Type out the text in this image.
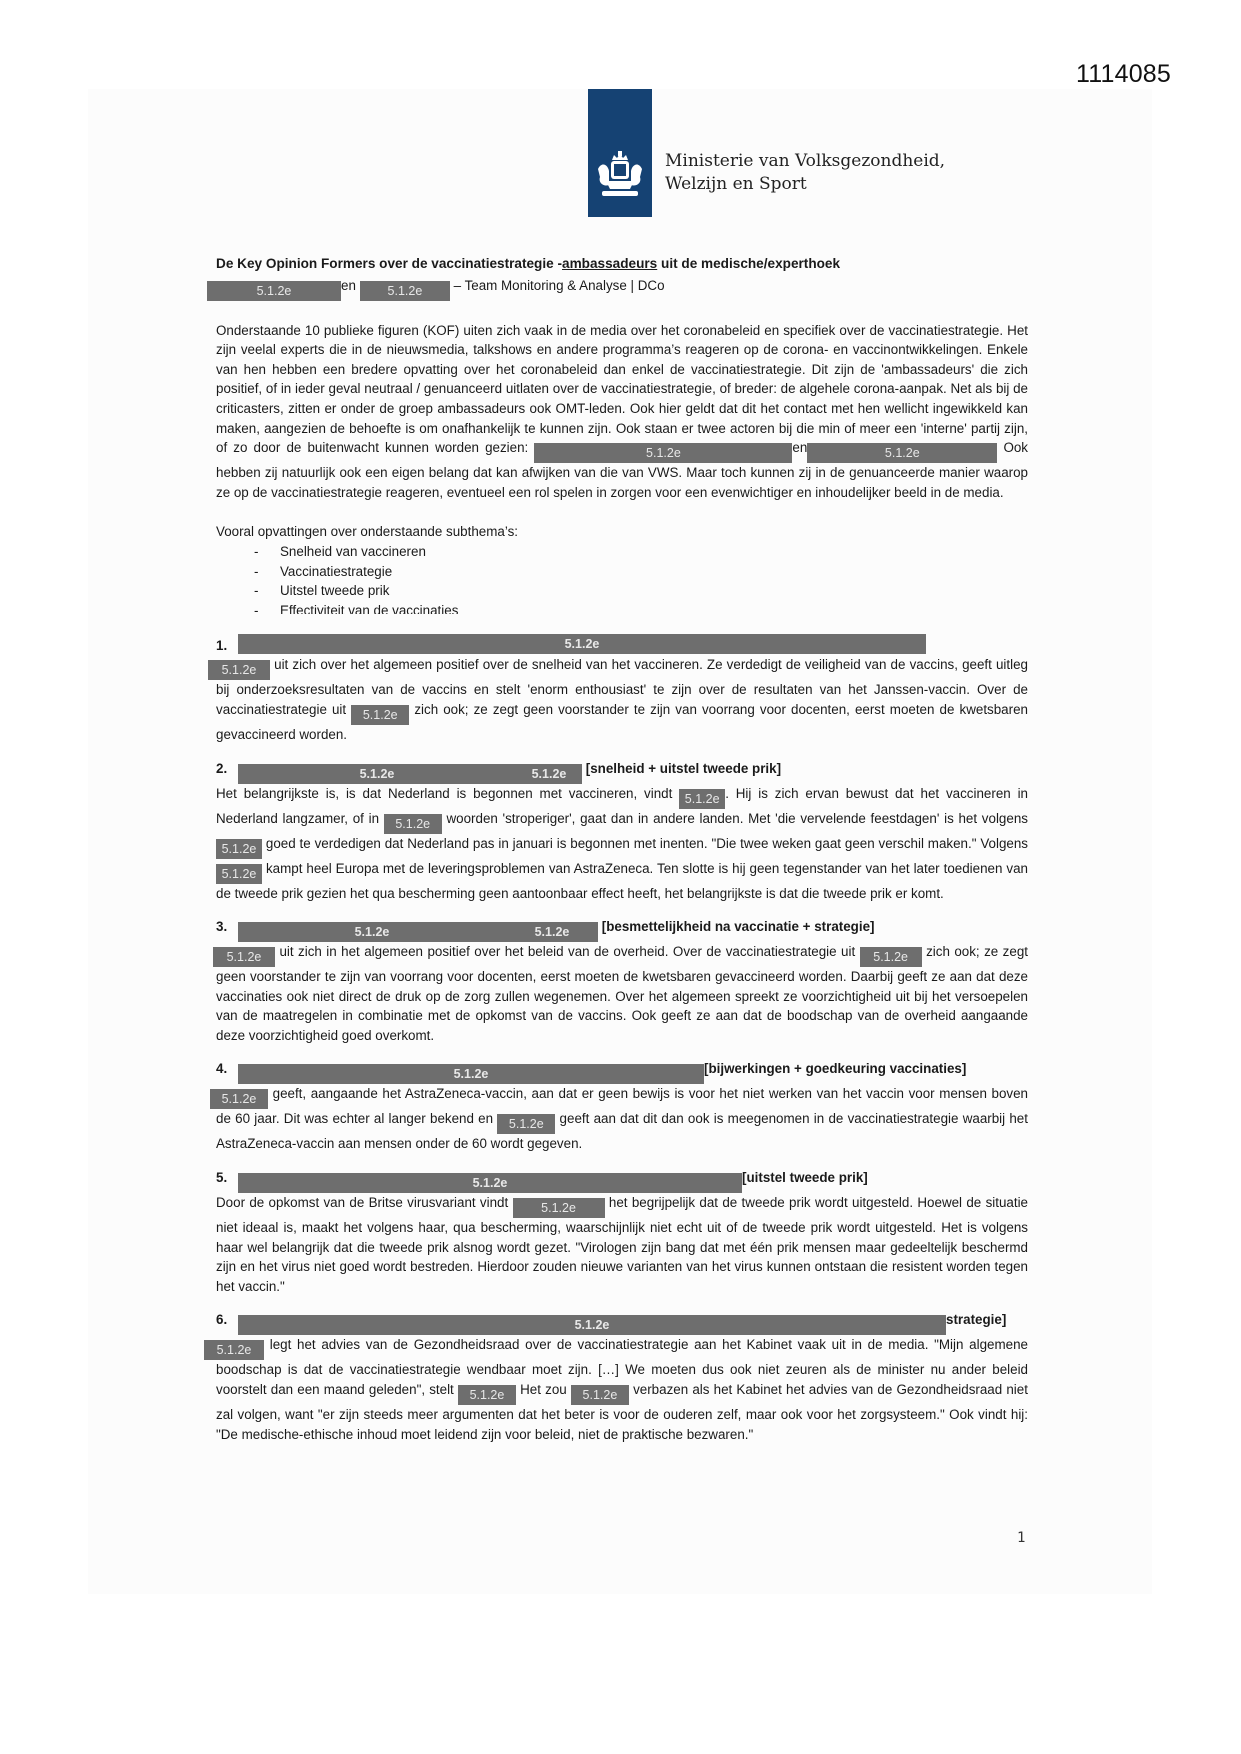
1114085
Ministerie van Volksgezondheid,
Welzijn en Sport
De Key Opinion Formers over de vaccinatiestrategie -ambassadeurs uit de medische/experthoek
5.1.2e	en	5.1.2e – Team Monitoring & Analyse | DCo

Onderstaande 10 publieke figuren (KOF) uiten zich vaak in de media over het coronabeleid en specifiek over de vaccinatiestrategie. Het zijn veelal experts die in de nieuwsmedia, talkshows en andere programma’s reageren op de corona- en vaccinontwikkelingen. Enkele van hen hebben een bredere opvatting over het coronabeleid dan enkel de vaccinatiestrategie. Dit zijn de 'ambassadeurs' die zich positief, of in ieder geval neutraal / genuanceerd uitlaten over de vaccinatiestrategie, of breder: de algehele corona-aanpak. Net als bij de criticasters, zitten er onder de groep ambassadeurs ook OMT-leden. Ook hier geldt dat dit het contact met hen wellicht ingewikkeld kan maken, aangezien de behoefte is om onafhankelijk te kunnen zijn. Ook staan er twee actoren bij die min of meer een 'interne' partij zijn, of zo door de buitenwacht kunnen worden gezien:	5.1.2e	en	5.1.2e	Ook hebben zij natuurlijk ook een eigen belang dat kan afwijken van die van VWS. Maar toch kunnen zij in de genuanceerde manier waarop ze op de vaccinatiestrategie reageren, eventueel een rol spelen in zorgen voor een evenwichtiger en inhoudelijker beeld in de media.

Vooral opvattingen over onderstaande subthema’s:
- Snelheid van vaccineren
- Vaccinatiestrategie
- Uitstel tweede prik
- Effectiviteit van de vaccinaties
1.	5.1.2e

5.1.2e uit zich over het algemeen positief over de snelheid van het vaccineren. Ze verdedigt de veiligheid van de vaccins, geeft uitleg bij onderzoeksresultaten van de vaccins en stelt 'enorm enthousiast' te zijn over de resultaten van het Janssen-vaccin. Over de vaccinatiestrategie uit 5.1.2e zich ook; ze zegt geen voorstander te zijn van voorrang voor docenten, eerst moeten de kwetsbaren gevaccineerd worden.

2.	5.1.2e	5.1.2e [snelheid + uitstel tweede prik]

Het belangrijkste is, is dat Nederland is begonnen met vaccineren, vindt 5.1.2e . Hij is zich ervan bewust dat het vaccineren in Nederland langzamer, of in 5.1.2e woorden 'stroperiger', gaat dan in andere landen. Met 'die vervelende feestdagen' is het volgens 5.1.2e goed te verdedigen dat Nederland pas in januari is begonnen met inenten. "Die twee weken gaat geen verschil maken." Volgens 5.1.2e kampt heel Europa met de leveringsproblemen van AstraZeneca. Ten slotte is hij geen tegenstander van het later toedienen van de tweede prik gezien het qua bescherming geen aantoonbaar effect heeft, het belangrijkste is dat die tweede prik er komt.

3.	5.1.2e	5.1.2e [besmettelijkheid na vaccinatie + strategie]

5.1.2e uit zich in het algemeen positief over het beleid van de overheid. Over de vaccinatiestrategie uit 5.1.2e zich ook; ze zegt geen voorstander te zijn van voorrang voor docenten, eerst moeten de kwetsbaren gevaccineerd worden. Daarbij geeft ze aan dat deze vaccinaties ook niet direct de druk op de zorg zullen wegenemen. Over het algemeen spreekt ze voorzichtigheid uit bij het versoepelen van de maatregelen in combinatie met de opkomst van de vaccins. Ook geeft ze aan dat de boodschap van de overheid aangaande deze voorzichtigheid goed overkomt.

4.	5.1.2e	[bijwerkingen + goedkeuring vaccinaties]

5.1.2e geeft, aangaande het AstraZeneca-vaccin, aan dat er geen bewijs is voor het niet werken van het vaccin voor mensen boven de 60 jaar. Dit was echter al langer bekend en 5.1.2e geeft aan dat dit dan ook is meegenomen in de vaccinatiestrategie waarbij het AstraZeneca-vaccin aan mensen onder de 60 wordt gegeven.

5.	5.1.2e	[uitstel tweede prik]

Door de opkomst van de Britse virusvariant vindt	5.1.2e het begrijpelijk dat de tweede prik wordt uitgesteld. Hoewel de situatie niet ideaal is, maakt het volgens haar, qua bescherming, waarschijnlijk niet echt uit of de tweede prik wordt uitgesteld. Het is volgens haar wel belangrijk dat die tweede prik alsnog wordt gezet. "Virologen zijn bang dat met één prik mensen maar gedeeltelijk beschermd zijn en het virus niet goed wordt bestreden. Hierdoor zouden nieuwe varianten van het virus kunnen ontstaan die resistent worden tegen het vaccin."

6.	5.1.2e	strategie]

5.1.2e legt het advies van de Gezondheidsraad over de vaccinatiestrategie aan het Kabinet vaak uit in de media. "Mijn algemene boodschap is dat de vaccinatiestrategie wendbaar moet zijn. […] We moeten dus ook niet zeuren als de minister nu ander beleid voorstelt dan een maand geleden", stelt 5.1.2e Het zou 5.1.2e verbazen als het Kabinet het advies van de Gezondheidsraad niet zal volgen, want "er zijn steeds meer argumenten dat het beter is voor de ouderen zelf, maar ook voor het zorgsysteem." Ook vindt hij: "De medische-ethische inhoud moet leidend zijn voor beleid, niet de praktische bezwaren."

1
